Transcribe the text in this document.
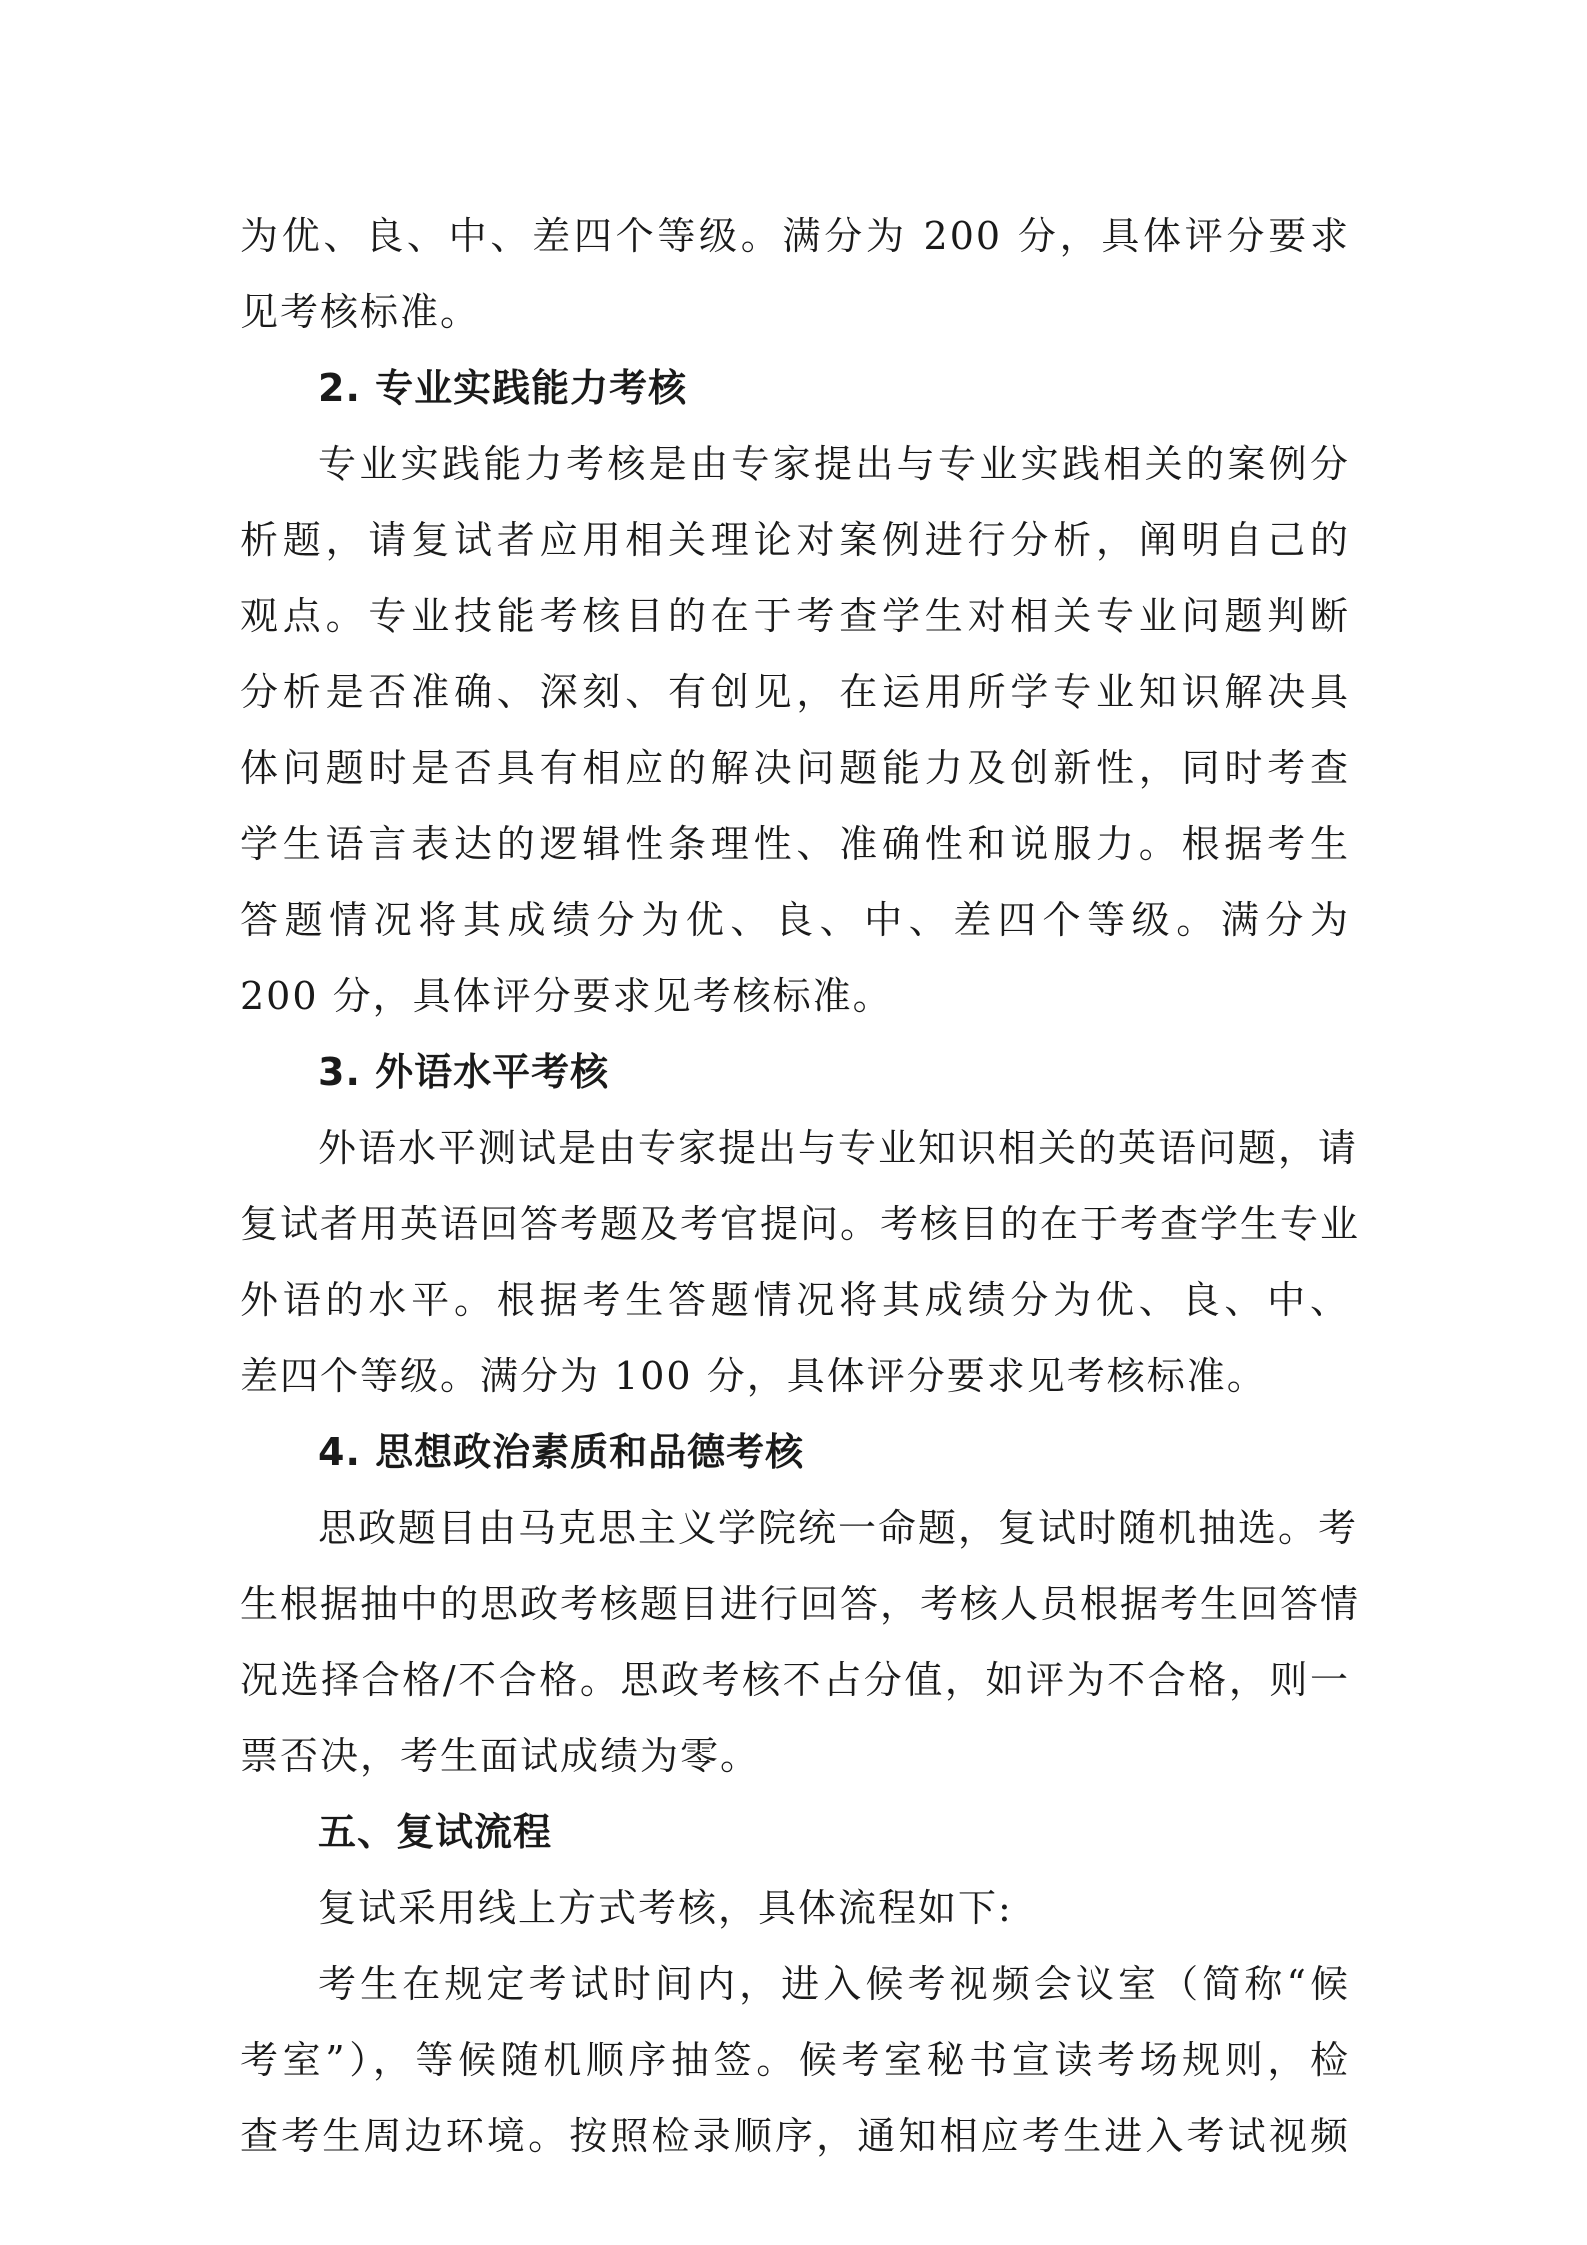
为优、良、中、差四个等级。满分为 200 分，具体评分要求
见考核标准。
2. 专业实践能力考核
专业实践能力考核是由专家提出与专业实践相关的案例分
析题，请复试者应用相关理论对案例进行分析，阐明自己的
观点。专业技能考核目的在于考查学生对相关专业问题判断
分析是否准确、深刻、有创见，在运用所学专业知识解决具
体问题时是否具有相应的解决问题能力及创新性，同时考查
学生语言表达的逻辑性条理性、准确性和说服力。根据考生
答题情况将其成绩分为优、良、中、差四个等级。满分为
200 分，具体评分要求见考核标准。
3. 外语水平考核
外语水平测试是由专家提出与专业知识相关的英语问题，请
复试者用英语回答考题及考官提问。考核目的在于考查学生专业
外语的水平。根据考生答题情况将其成绩分为优、良、中、
差四个等级。满分为 100 分，具体评分要求见考核标准。
4. 思想政治素质和品德考核
思政题目由马克思主义学院统一命题，复试时随机抽选。考
生根据抽中的思政考核题目进行回答，考核人员根据考生回答情
况选择合格/不合格。思政考核不占分值，如评为不合格，则一
票否决，考生面试成绩为零。
五、复试流程
复试采用线上方式考核，具体流程如下:
考生在规定考试时间内，进入候考视频会议室（简称“候
考室”），等候随机顺序抽签。候考室秘书宣读考场规则，检
查考生周边环境。按照检录顺序，通知相应考生进入考试视频
